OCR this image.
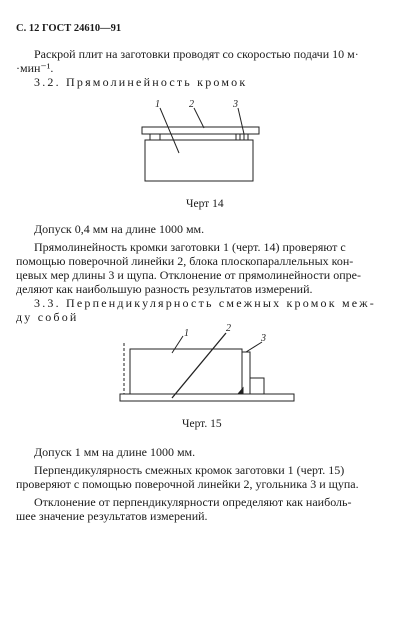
С. 12 ГОСТ 24610—91
Раскрой плит на заготовки проводят со скоростью подачи 10 м·
·мин⁻¹.
3.2. Прямолинейность кромок
1	2	3
1	2
3
Черт 14
Допуск 0,4 мм на длине 1000 мм.
Прямолинейность кромки заготовки 1 (черт. 14) проверяют с
помощью поверочной линейки 2, блока плоскопараллельных кон-
цевых мер длины 3 и щупа. Отклонение от прямолинейности опре-
деляют как наибольшую разность результатов измерений.
3.3. Перпендикулярность смежных кромок меж-
ду собой
Черт. 15
Допуск 1 мм на длине 1000 мм.
Перпендикулярность смежных кромок заготовки 1 (черт. 15)
проверяют с помощью поверочной линейки 2, угольника 3 и щупа.
Отклонение от перпендикулярности определяют как наиболь-
шее значение результатов измерений.
